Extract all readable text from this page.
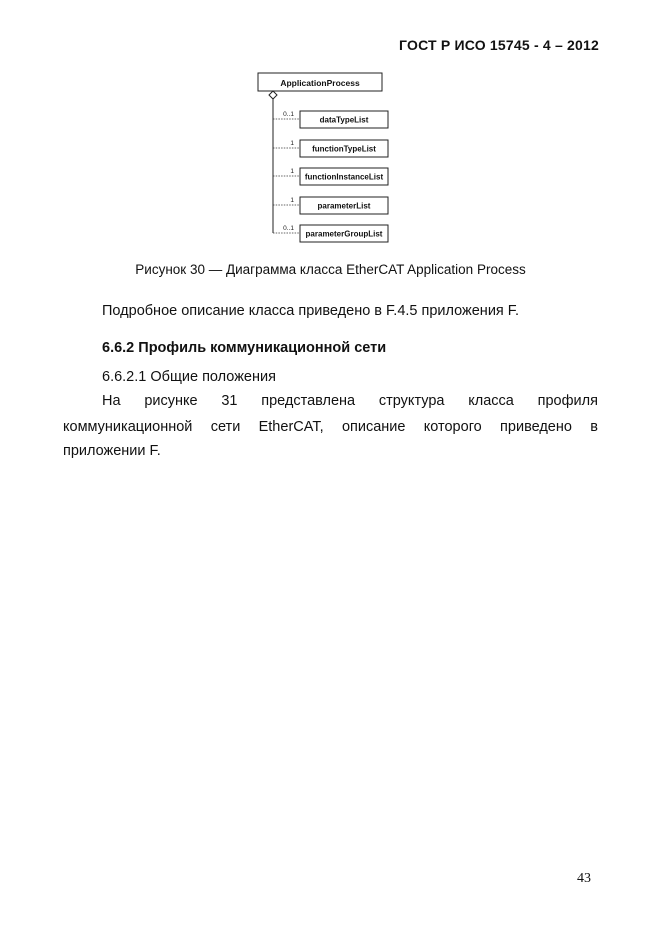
ГОСТ Р ИСО 15745 - 4 – 2012
ApplicationProcess
dataTypeList
0..1
functionTypeList
1
functionInstanceList
1
parameterList
1
parameterGroupList
0..1
Рисунок 30 — Диаграмма класса EtherCAT Application Process
Подробное описание класса приведено в F.4.5 приложения F.
6.6.2 Профиль коммуникационной сети
6.6.2.1 Общие положения
На рисунке 31 представлена структура класса профиля
коммуникационной сети EtherCAT, описание которого приведено в
приложении F.
43
